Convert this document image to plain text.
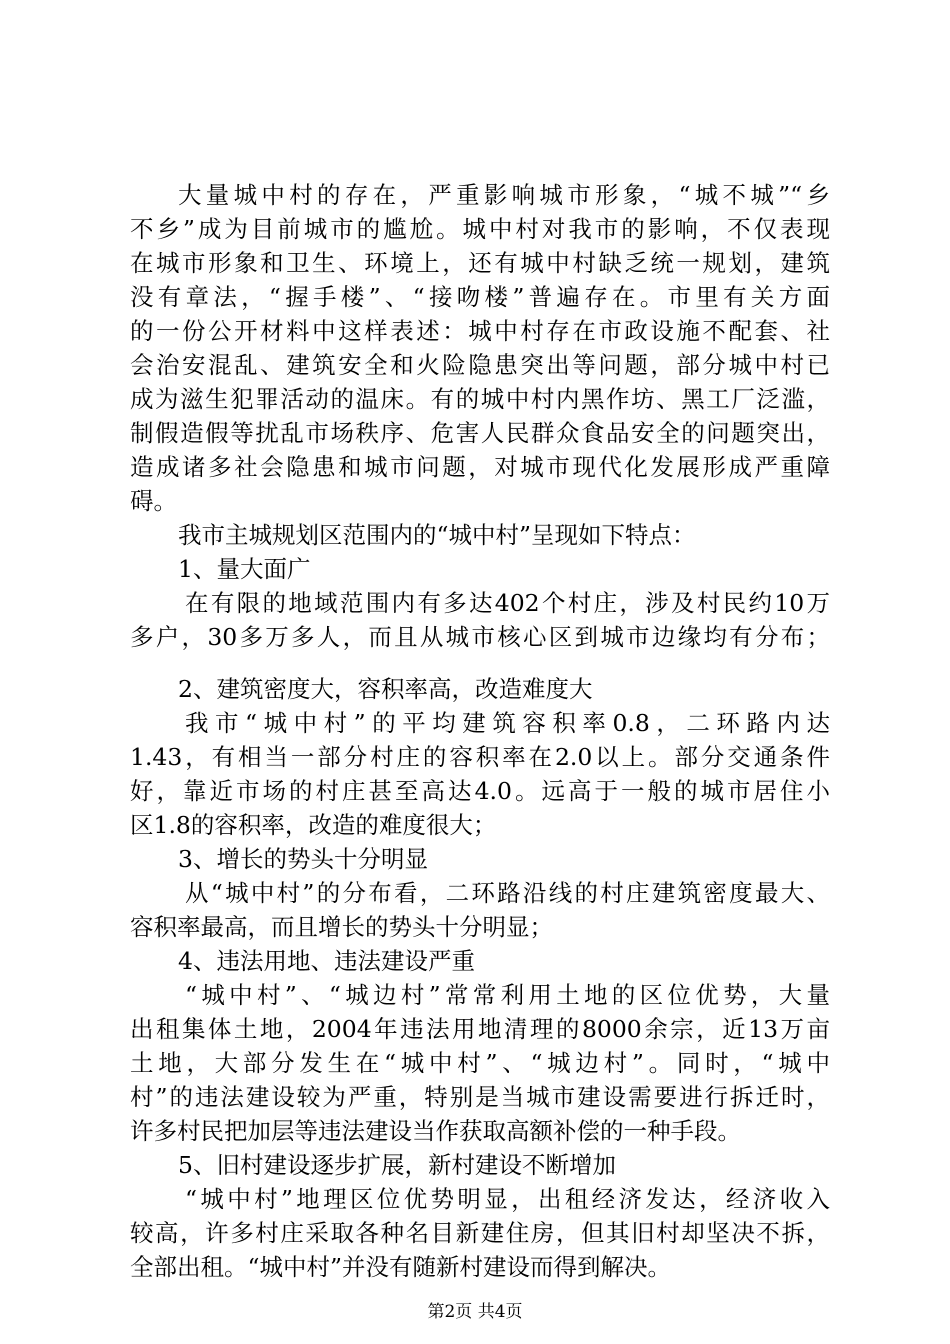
大量城中村的存在，严重影响城市形象，“城不城”“乡
不乡”成为目前城市的尴尬。城中村对我市的影响，不仅表现
在城市形象和卫生、环境上，还有城中村缺乏统一规划，建筑
没有章法，“握手楼”、“接吻楼”普遍存在。市里有关方面
的一份公开材料中这样表述：城中村存在市政设施不配套、社
会治安混乱、建筑安全和火险隐患突出等问题，部分城中村已
成为滋生犯罪活动的温床。有的城中村内黑作坊、黑工厂泛滥，
制假造假等扰乱市场秩序、危害人民群众食品安全的问题突出，
造成诸多社会隐患和城市问题，对城市现代化发展形成严重障
碍。
我市主城规划区范围内的“城中村”呈现如下特点：
1、量大面广
在有限的地域范围内有多达402个村庄，涉及村民约10万
多户，30多万多人，而且从城市核心区到城市边缘均有分布；
2、建筑密度大，容积率高，改造难度大
我市“城中村”的平均建筑容积率0.8，二环路内达
1.43，有相当一部分村庄的容积率在2.0以上。部分交通条件
好，靠近市场的村庄甚至高达4.0。远高于一般的城市居住小
区1.8的容积率，改造的难度很大；
3、增长的势头十分明显
从“城中村”的分布看，二环路沿线的村庄建筑密度最大、
容积率最高，而且增长的势头十分明显；
4、违法用地、违法建设严重
“城中村”、“城边村”常常利用土地的区位优势，大量
出租集体土地，2004年违法用地清理的8000余宗，近13万亩
土地，大部分发生在“城中村”、“城边村”。同时，“城中
村”的违法建设较为严重，特别是当城市建设需要进行拆迁时，
许多村民把加层等违法建设当作获取高额补偿的一种手段。
5、旧村建设逐步扩展，新村建设不断增加
“城中村”地理区位优势明显，出租经济发达，经济收入
较高，许多村庄采取各种名目新建住房，但其旧村却坚决不拆，
全部出租。“城中村”并没有随新村建设而得到解决。
第2页 共4页
